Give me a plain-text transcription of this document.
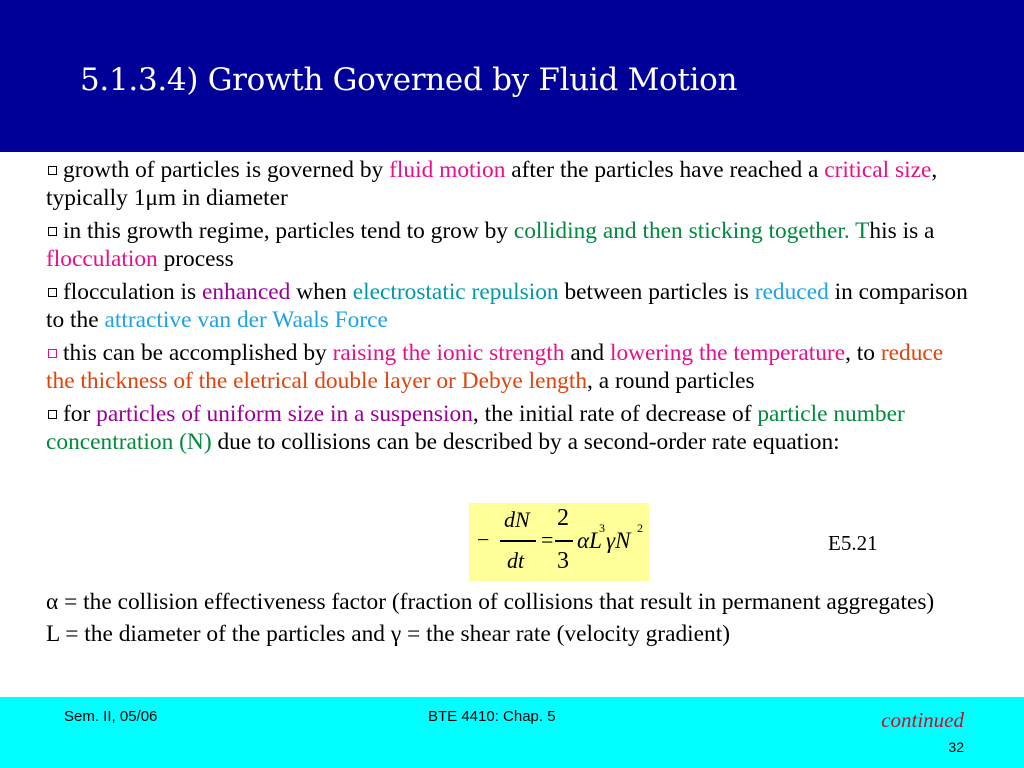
5.1.3.4) Growth Governed by Fluid Motion
growth of particles is governed by fluid motion after the particles have reached a critical size, typically 1μm in diameter
in this growth regime, particles tend to grow by colliding and then sticking together. This is a flocculation process
flocculation is enhanced when electrostatic repulsion between particles is reduced in comparison to the attractive van der Waals Force
this can be accomplished by raising the ionic strength and lowering the temperature, to reduce the thickness of the eletrical double layer or Debye length, a round particles
for particles of uniform size in a suspension, the initial rate of decrease of particle number concentration (N) due to collisions can be described by a second-order rate equation:
−
dN
dt
=
2
3
αL
3 γN 2
E5.21
α = the collision effectiveness factor (fraction of collisions that result in permanent aggregates)
L = the diameter of the particles and γ = the shear rate (velocity gradient)
Sem. II, 05/06	BTE 4410: Chap. 5	continued
32
